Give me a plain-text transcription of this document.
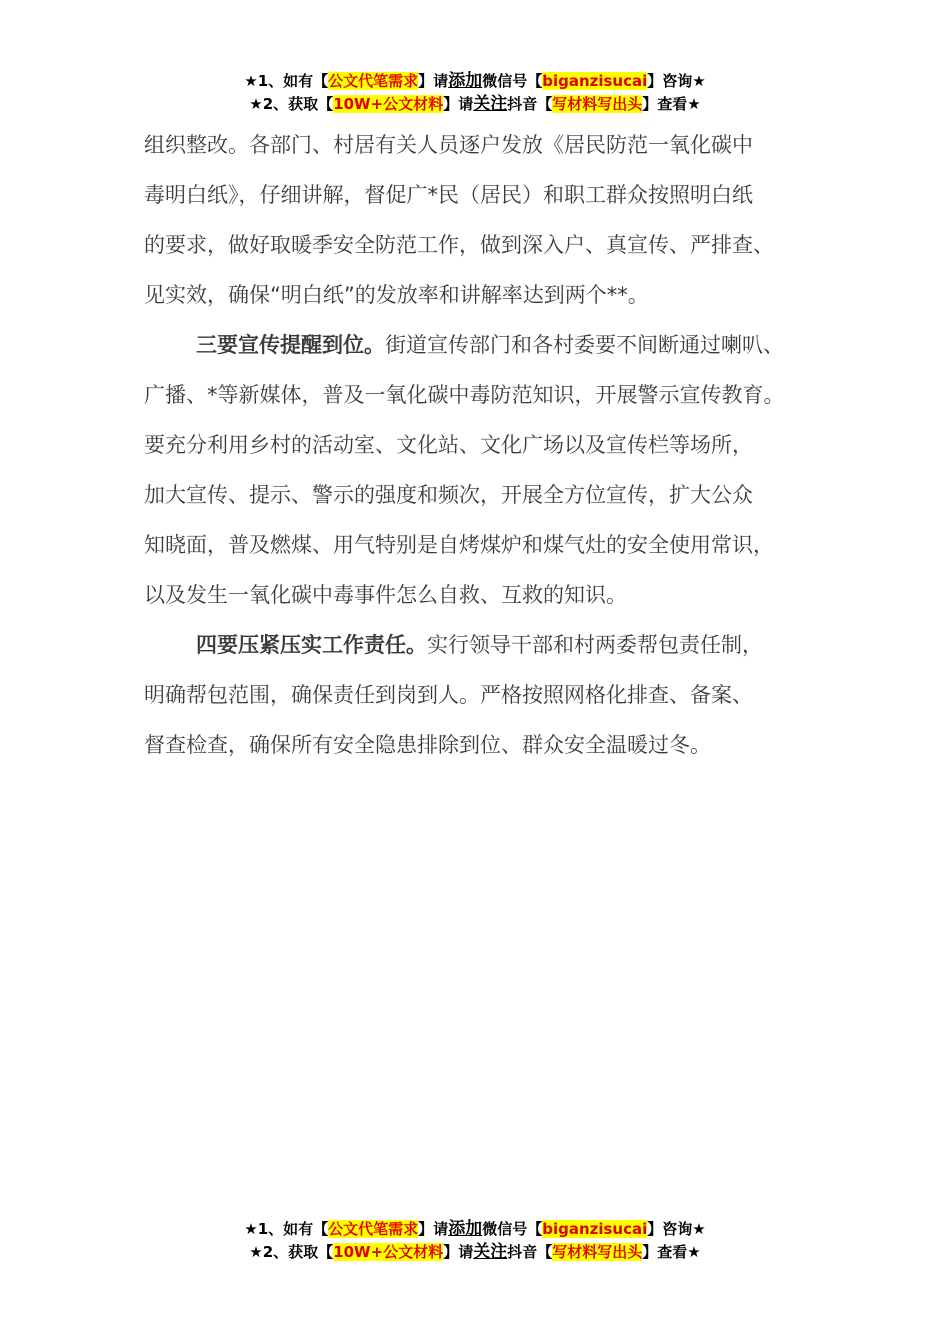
★1、如有【公文代笔需求】请添加微信号【biganzisucai】咨询★
★2、获取【10W+公文材料】请关注抖音【写材料写出头】查看★
组织整改。各部门、村居有关人员逐户发放《居民防范一氧化碳中
毒明白纸》，仔细讲解，督促广*民（居民）和职工群众按照明白纸
的要求，做好取暖季安全防范工作，做到深入户、真宣传、严排查、
见实效，确保“明白纸”的发放率和讲解率达到两个**。
三要宣传提醒到位。街道宣传部门和各村委要不间断通过喇叭、
广播、*等新媒体，普及一氧化碳中毒防范知识，开展警示宣传教育。
要充分利用乡村的活动室、文化站、文化广场以及宣传栏等场所，
加大宣传、提示、警示的强度和频次，开展全方位宣传，扩大公众
知晓面，普及燃煤、用气特别是自烤煤炉和煤气灶的安全使用常识，
以及发生一氧化碳中毒事件怎么自救、互救的知识。
四要压紧压实工作责任。实行领导干部和村两委帮包责任制，
明确帮包范围，确保责任到岗到人。严格按照网格化排查、备案、
督查检查，确保所有安全隐患排除到位、群众安全温暖过冬。
★1、如有【公文代笔需求】请添加微信号【biganzisucai】咨询★
★2、获取【10W+公文材料】请关注抖音【写材料写出头】查看★
